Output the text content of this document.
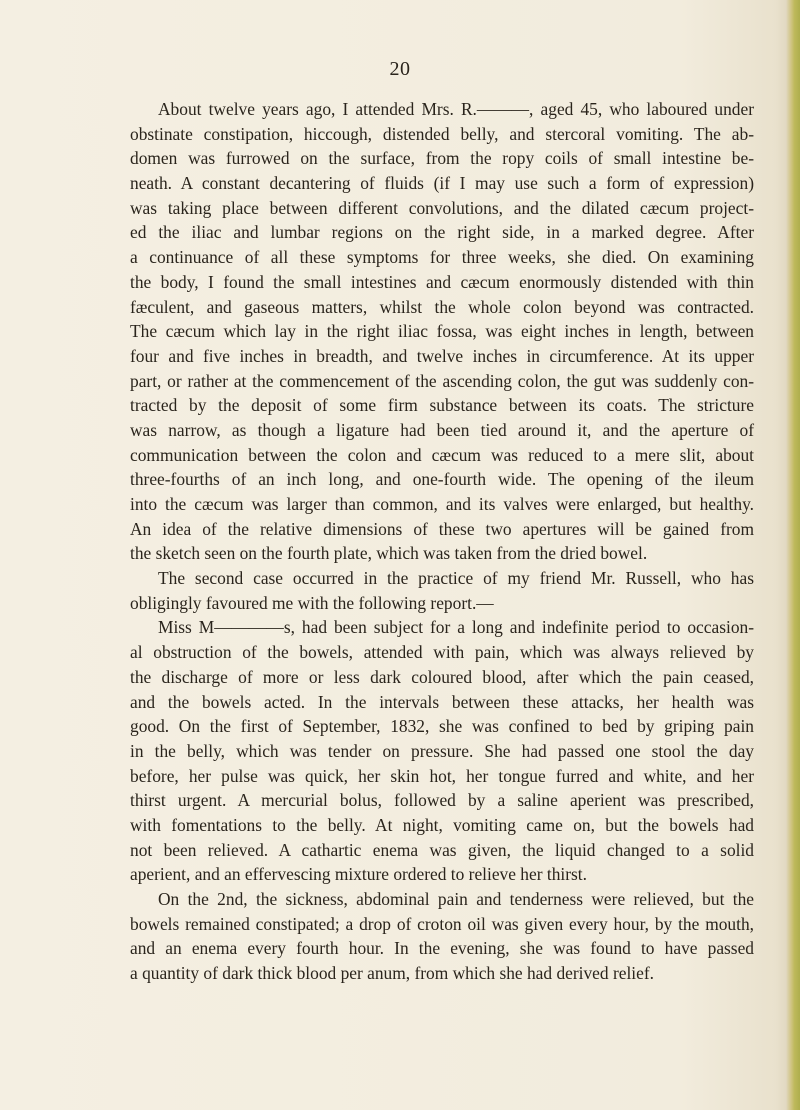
20
About twelve years ago, I attended Mrs. R.———, aged 45, who laboured under
obstinate constipation, hiccough, distended belly, and stercoral vomiting. The ab-
domen was furrowed on the surface, from the ropy coils of small intestine be-
neath. A constant decantering of fluids (if I may use such a form of expression)
was taking place between different convolutions, and the dilated cæcum project-
ed the iliac and lumbar regions on the right side, in a marked degree. After
a continuance of all these symptoms for three weeks, she died. On examining
the body, I found the small intestines and cæcum enormously distended with thin
fæculent, and gaseous matters, whilst the whole colon beyond was contracted.
The cæcum which lay in the right iliac fossa, was eight inches in length, between
four and five inches in breadth, and twelve inches in circumference. At its upper
part, or rather at the commencement of the ascending colon, the gut was suddenly con-
tracted by the deposit of some firm substance between its coats. The stricture
was narrow, as though a ligature had been tied around it, and the aperture of
communication between the colon and cæcum was reduced to a mere slit, about
three-fourths of an inch long, and one-fourth wide. The opening of the ileum
into the cæcum was larger than common, and its valves were enlarged, but healthy.
An idea of the relative dimensions of these two apertures will be gained from
the sketch seen on the fourth plate, which was taken from the dried bowel.
The second case occurred in the practice of my friend Mr. Russell, who has
obligingly favoured me with the following report.—
Miss M————s, had been subject for a long and indefinite period to occasion-
al obstruction of the bowels, attended with pain, which was always relieved by
the discharge of more or less dark coloured blood, after which the pain ceased,
and the bowels acted. In the intervals between these attacks, her health was
good. On the first of September, 1832, she was confined to bed by griping pain
in the belly, which was tender on pressure. She had passed one stool the day
before, her pulse was quick, her skin hot, her tongue furred and white, and her
thirst urgent. A mercurial bolus, followed by a saline aperient was prescribed,
with fomentations to the belly. At night, vomiting came on, but the bowels had
not been relieved. A cathartic enema was given, the liquid changed to a solid
aperient, and an effervescing mixture ordered to relieve her thirst.
On the 2nd, the sickness, abdominal pain and tenderness were relieved, but the
bowels remained constipated; a drop of croton oil was given every hour, by the mouth,
and an enema every fourth hour. In the evening, she was found to have passed
a quantity of dark thick blood per anum, from which she had derived relief.
